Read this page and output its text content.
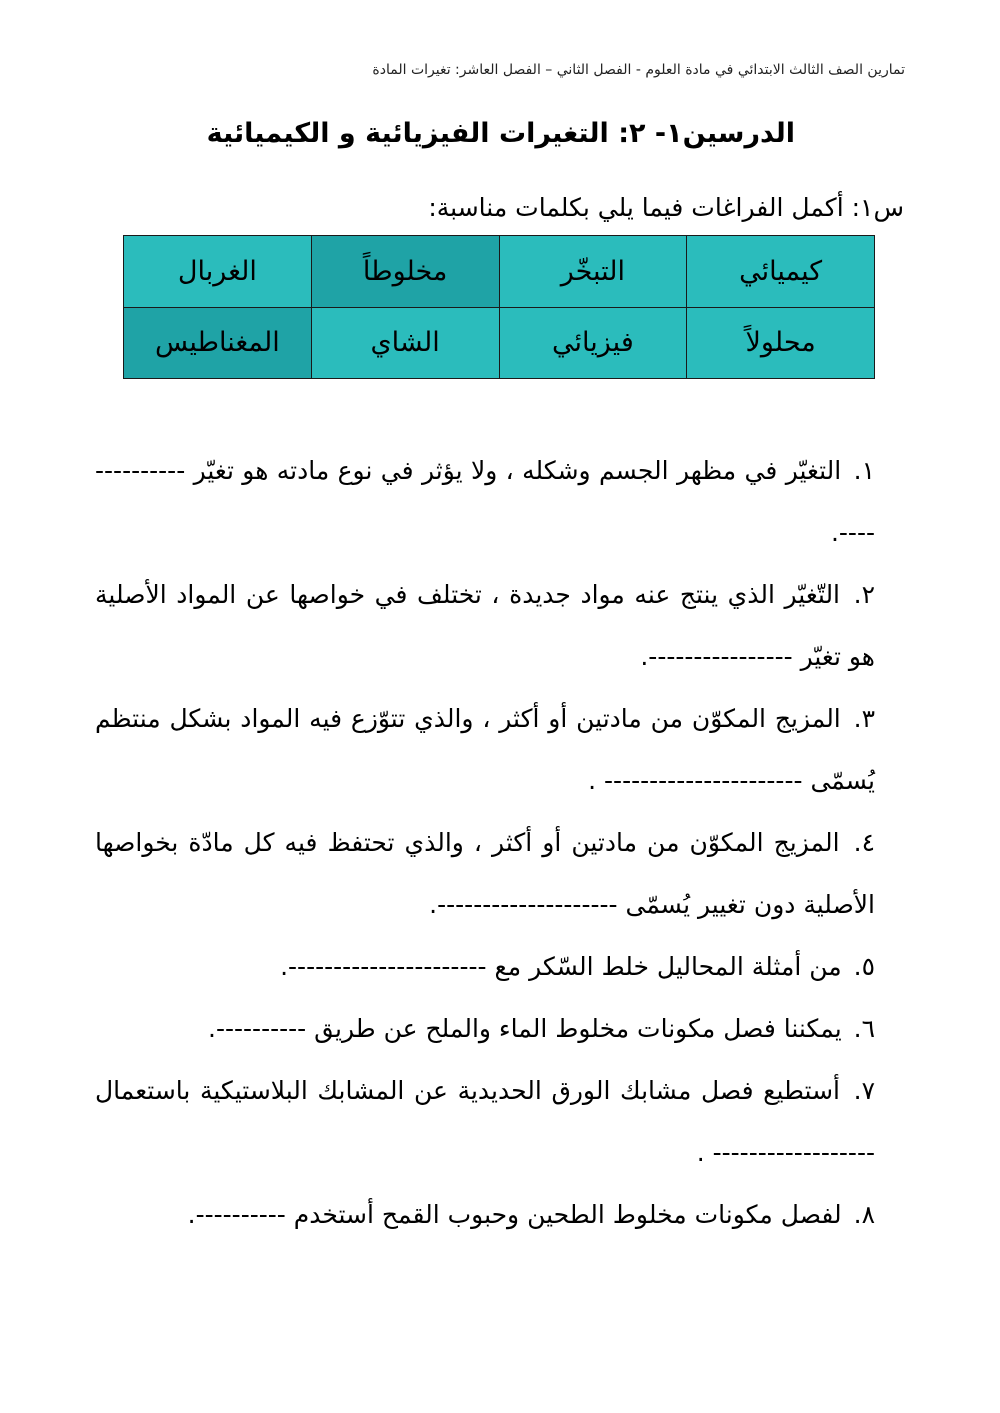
تمارين الصف الثالث الابتدائي في مادة العلوم - الفصل الثاني – الفصل العاشر: تغيرات المادة
الدرسين١- ٢: التغيرات الفيزيائية و الكيميائية
س١: أكمل الفراغات فيما يلي بكلمات مناسبة:
كيميائي	التبخّر	مخلوطاً	الغربال
محلولاً	فيزيائي	الشاي	المغناطيس

١. التغيّر في مظهر الجسم وشكله ، ولا يؤثر في نوع مادته هو تغيّر --------------.

٢. التّغيّر الذي ينتج عنه مواد جديدة ، تختلف في خواصها عن المواد الأصلية هو تغيّر ----------------.

٣. المزيج المكوّن من مادتين أو أكثر ، والذي تتوّزع فيه المواد بشكل منتظم يُسمّى ---------------------- .

٤. المزيج المكوّن من مادتين أو أكثر ، والذي تحتفظ فيه كل مادّة بخواصها الأصلية دون تغيير يُسمّى --------------------.

٥. من أمثلة المحاليل خلط السّكر مع ----------------------.

٦. يمكننا فصل مكونات مخلوط الماء والملح عن طريق ----------.

٧. أستطيع فصل مشابك الورق الحديدية عن المشابك البلاستيكية باستعمال ------------------ .

٨. لفصل مكونات مخلوط الطحين وحبوب القمح أستخدم ----------.
